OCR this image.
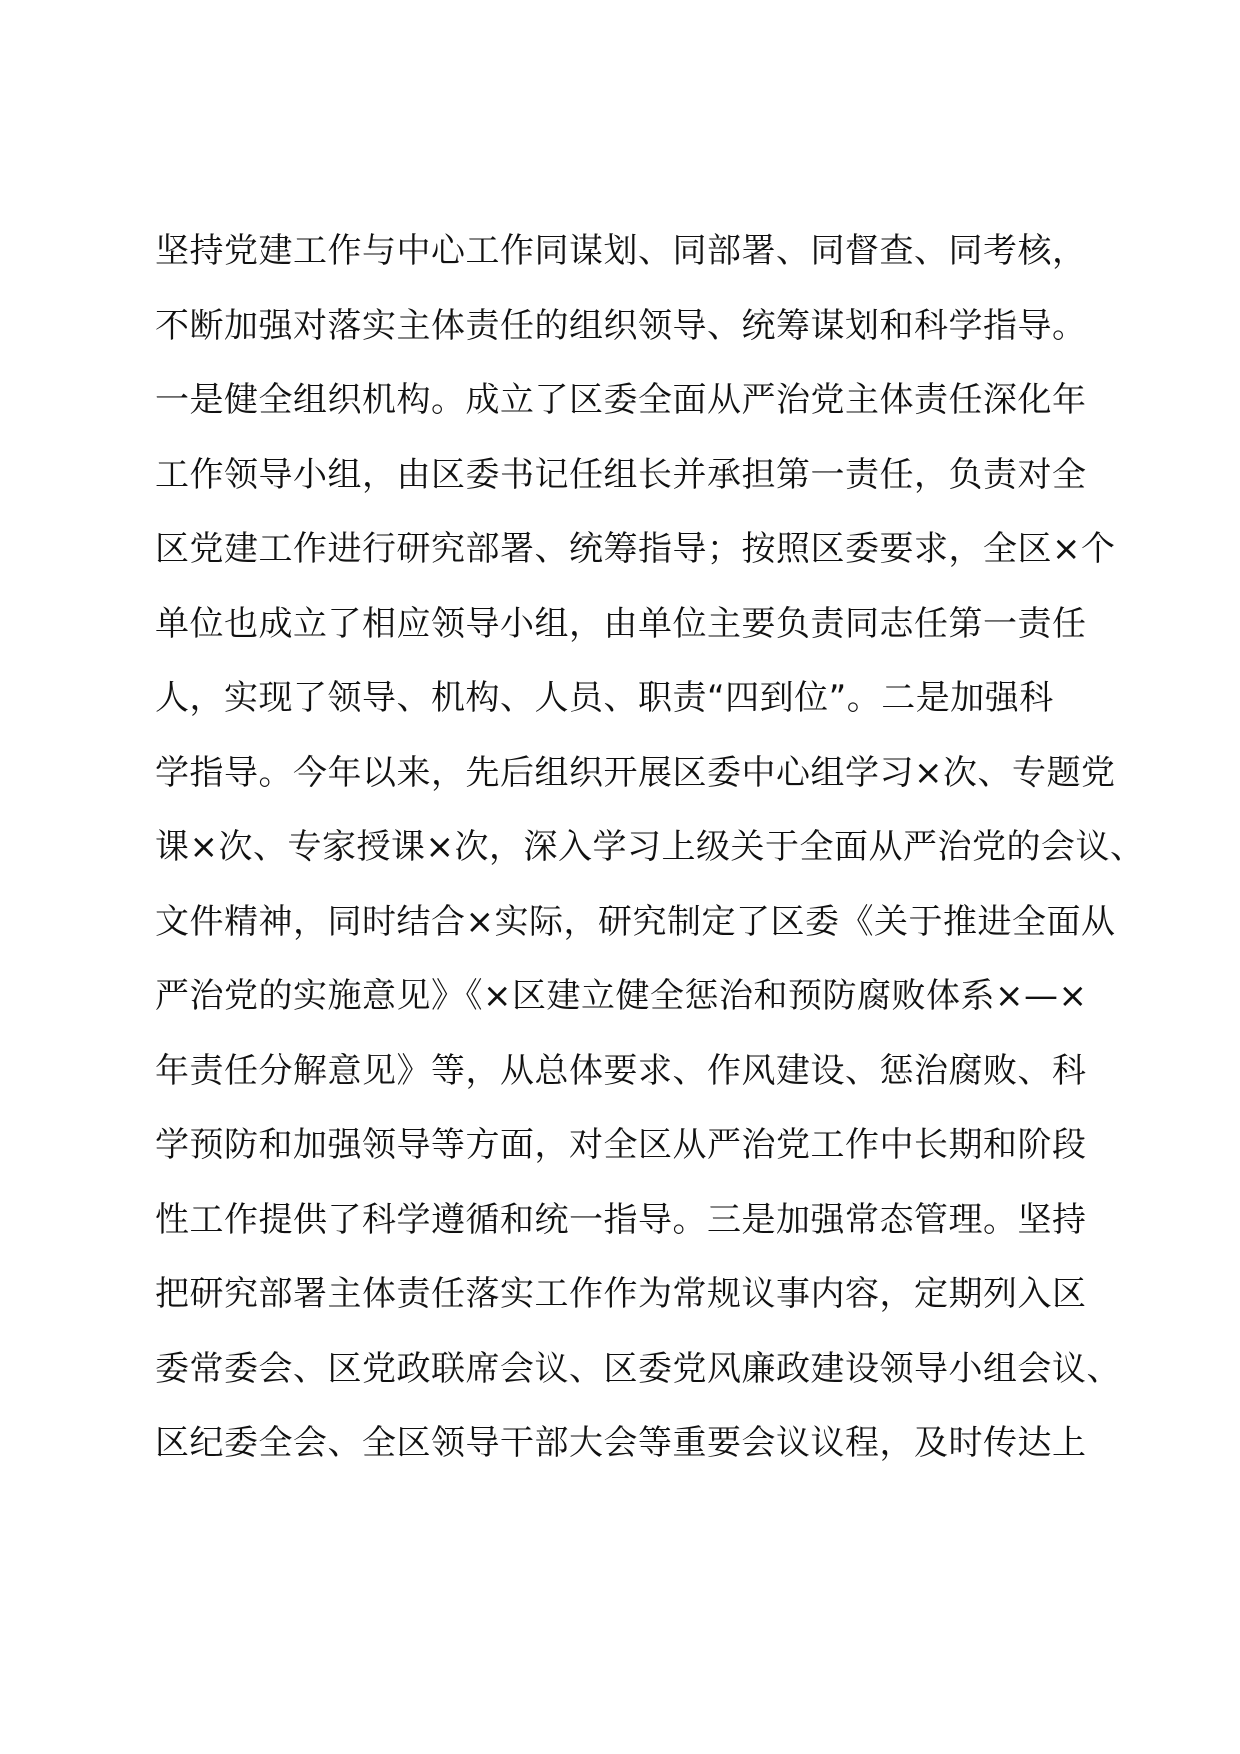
坚持党建工作与中心工作同谋划、同部署、同督查、同考核，
不断加强对落实主体责任的组织领导、统筹谋划和科学指导。
一是健全组织机构。成立了区委全面从严治党主体责任深化年
工作领导小组，由区委书记任组长并承担第一责任，负责对全
区党建工作进行研究部署、统筹指导；按照区委要求，全区×个
单位也成立了相应领导小组，由单位主要负责同志任第一责任
人，实现了领导、机构、人员、职责“四到位”。二是加强科
学指导。今年以来，先后组织开展区委中心组学习×次、专题党
课×次、专家授课×次，深入学习上级关于全面从严治党的会议、
文件精神，同时结合×实际，研究制定了区委《关于推进全面从
严治党的实施意见》《×区建立健全惩治和预防腐败体系×—×
年责任分解意见》等，从总体要求、作风建设、惩治腐败、科
学预防和加强领导等方面，对全区从严治党工作中长期和阶段
性工作提供了科学遵循和统一指导。三是加强常态管理。坚持
把研究部署主体责任落实工作作为常规议事内容，定期列入区
委常委会、区党政联席会议、区委党风廉政建设领导小组会议、
区纪委全会、全区领导干部大会等重要会议议程，及时传达上
